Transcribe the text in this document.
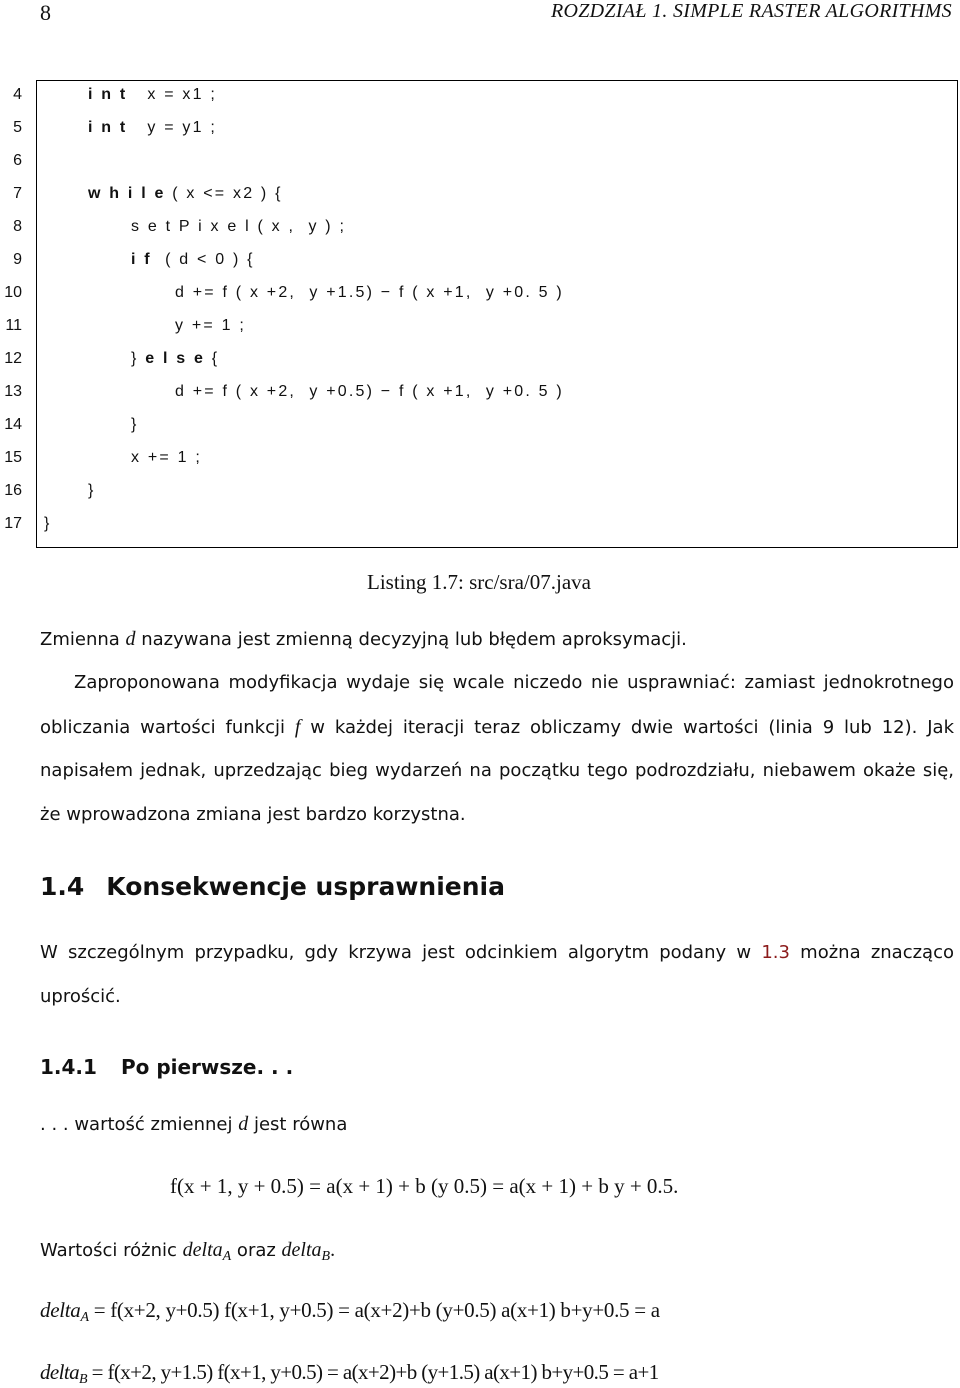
8	ROZDZIAŁ 1. SIMPLE RASTER ALGORITHMS
4	i n t   x = x1 ;
5	i n t   y = y1 ;
6
7	w h i l e ( x <= x2 ) {
8	s e t P i x e l ( x ,  y ) ;
9	i f  ( d < 0 ) {
10	d += f ( x +2,  y +1.5) − f ( x +1,  y +0. 5 )
11	y += 1 ;
12	} e l s e {
13	d += f ( x +2,  y +0.5) − f ( x +1,  y +0. 5 )
14	}
15	x += 1 ;
16	}
17 }
Listing 1.7: src/sra/07.java
Zmienna d nazywana jest zmienną decyzyjną lub błędem aproksymacji.
Zaproponowana modyfikacja wydaje się wcale niczedo nie usprawniać: zamiast jednokrotnego
obliczania wartości funkcji f w każdej iteracji teraz obliczamy dwie wartości (linia 9 lub 12). Jak
napisałem jednak, uprzedzając bieg wydarzeń na początku tego podrozdziału, niebawem okaże się,
że wprowadzona zmiana jest bardzo korzystna.
1.4 Konsekwencje usprawnienia
W szczególnym przypadku, gdy krzywa jest odcinkiem algorytm podany w 1.3 można znacząco
uprościć.
1.4.1 Po pierwsze. . .
. . . wartość zmiennej d jest równa
f(x + 1, y + 0.5) = a(x + 1) + b (y 0.5) = a(x + 1) + b y + 0.5.
Wartości różnic delta$_A$ oraz delta$_B$.
delta$_A$ = f(x+2, y+0.5) f(x+1, y+0.5) = a(x+2)+b (y+0.5) a(x+1) b+y+0.5 = a
delta$_B$ = f(x+2, y+1.5) f(x+1, y+0.5) = a(x+2)+b (y+1.5) a(x+1) b+y+0.5 = a+1
